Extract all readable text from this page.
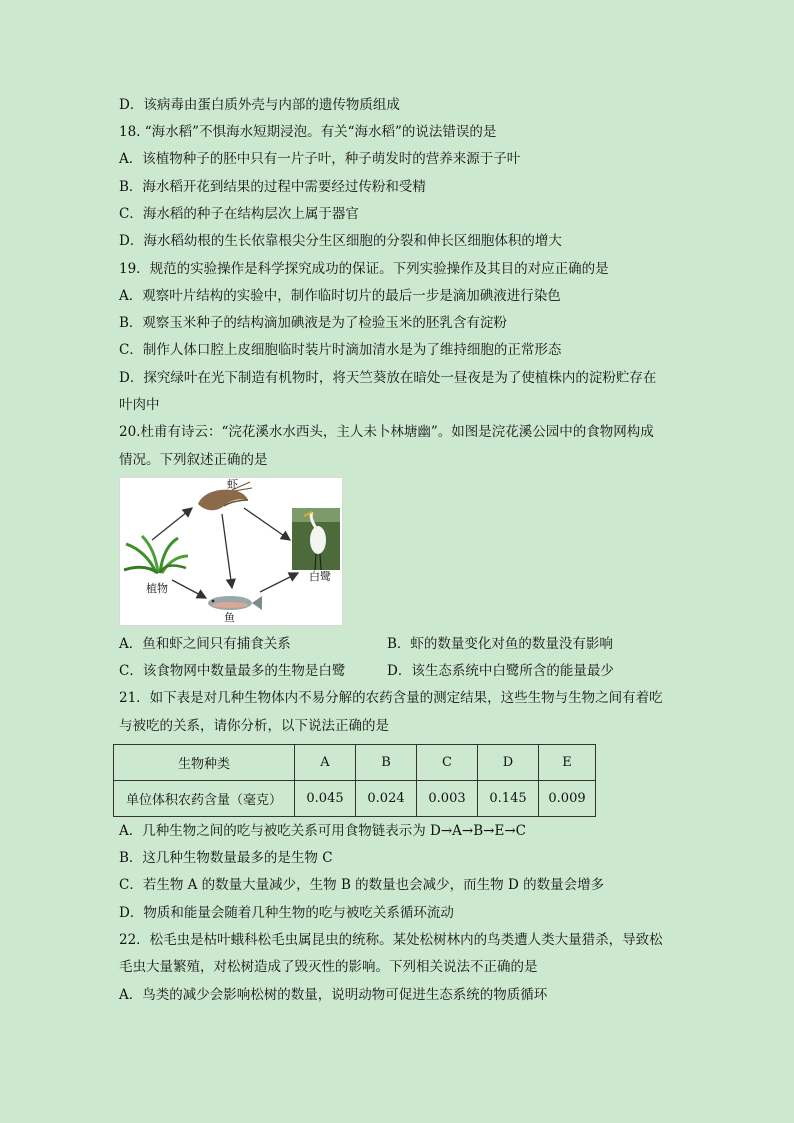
D．该病毒由蛋白质外壳与内部的遗传物质组成
18. “海水稻”不惧海水短期浸泡。有关“海水稻”的说法错误的是
A．该植物种子的胚中只有一片子叶，种子萌发时的营养来源于子叶
B．海水稻开花到结果的过程中需要经过传粉和受精
C．海水稻的种子在结构层次上属于器官
D．海水稻幼根的生长依靠根尖分生区细胞的分裂和伸长区细胞体积的增大
19．规范的实验操作是科学探究成功的保证。下列实验操作及其目的对应正确的是
A．观察叶片结构的实验中，制作临时切片的最后一步是滴加碘液进行染色
B．观察玉米种子的结构滴加碘液是为了检验玉米的胚乳含有淀粉
C．制作人体口腔上皮细胞临时装片时滴加清水是为了维持细胞的正常形态
D．探究绿叶在光下制造有机物时，将天竺葵放在暗处一昼夜是为了使植株内的淀粉贮存在
叶肉中
20.杜甫有诗云：“浣花溪水水西头，主人未卜林塘幽”。如图是浣花溪公园中的食物网构成
情况。下列叙述正确的是
21．如下表是对几种生物体内不易分解的农药含量的测定结果，这些生物与生物之间有着吃
与被吃的关系，请你分析，以下说法正确的是
A．几种生物之间的吃与被吃关系可用食物链表示为 D→A→B→E→C
B．这几种生物数量最多的是生物 C
C．若生物 A 的数量大量减少，生物 B 的数量也会减少，而生物 D 的数量会增多
D．物质和能量会随着几种生物的吃与被吃关系循环流动
22．松毛虫是枯叶蛾科松毛虫属昆虫的统称。某处松树林内的鸟类遭人类大量猎杀，导致松
毛虫大量繁殖，对松树造成了毁灭性的影响。下列相关说法不正确的是
A．鸟类的减少会影响松树的数量，说明动物可促进生态系统的物质循环
虾
植物
白鹭
鱼
A．鱼和虾之间只有捕食关系	B．虾的数量变化对鱼的数量没有影响
C．该食物网中数量最多的生物是白鹭	D．该生态系统中白鹭所含的能量最少
生物种类	A	B	C	D	E
单位体积农药含量（毫克）	0.045	0.024	0.003	0.145	0.009
